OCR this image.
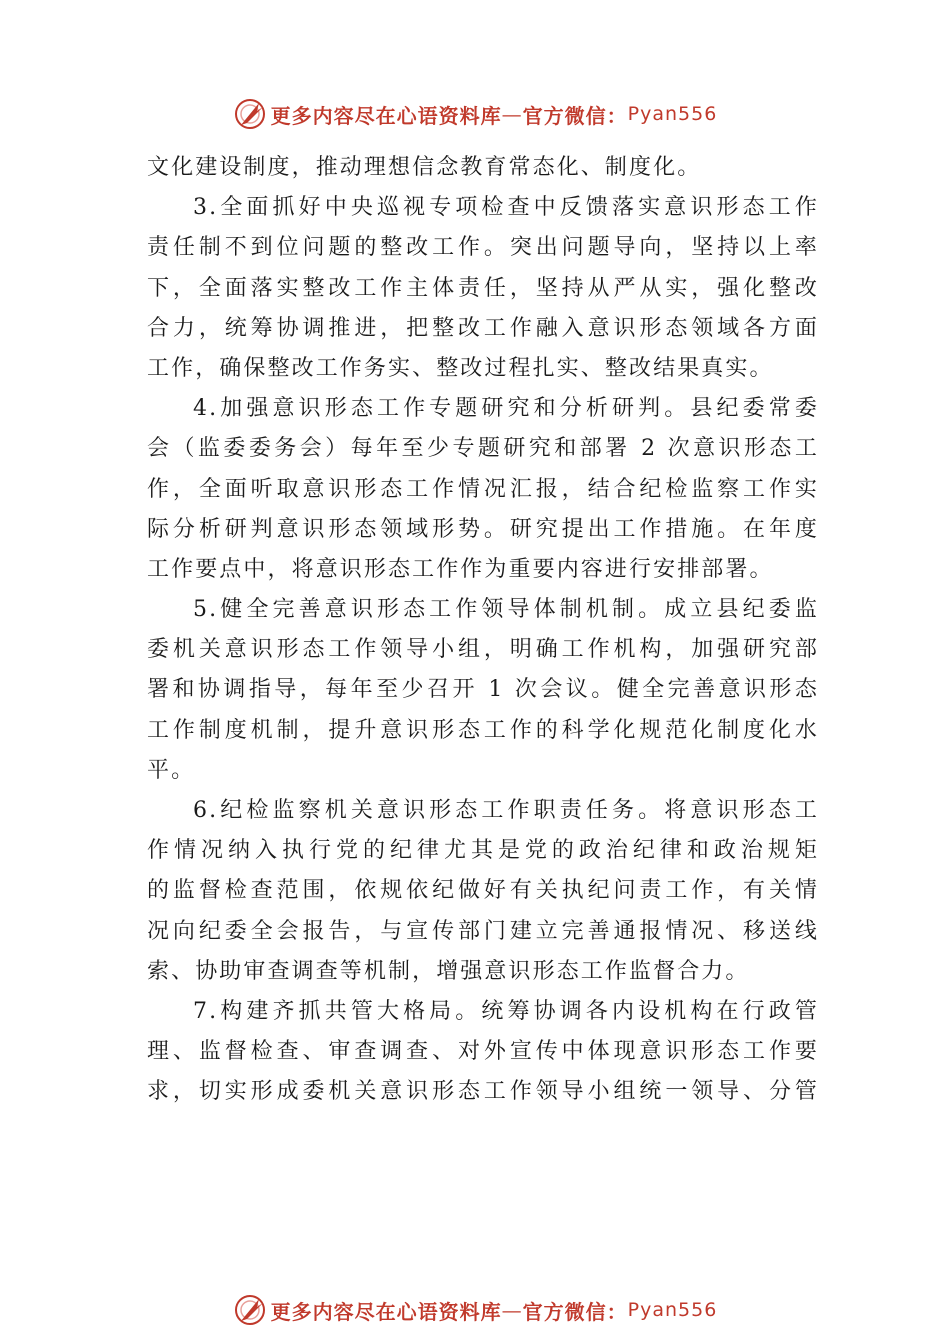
更多内容尽在心语资料库 — 官方微信： Pyan556
文化建设制度，推动理想信念教育常态化、制度化。
3.全面抓好中央巡视专项检查中反馈落实意识形态工作
责任制不到位问题的整改工作。突出问题导向，坚持以上率
下，全面落实整改工作主体责任，坚持从严从实，强化整改
合力，统筹协调推进，把整改工作融入意识形态领域各方面
工作，确保整改工作务实、整改过程扎实、整改结果真实。
4.加强意识形态工作专题研究和分析研判。县纪委常委
会（监委委务会）每年至少专题研究和部署 2 次意识形态工
作，全面听取意识形态工作情况汇报，结合纪检监察工作实
际分析研判意识形态领域形势。研究提出工作措施。在年度
工作要点中，将意识形态工作作为重要内容进行安排部署。
5.健全完善意识形态工作领导体制机制。成立县纪委监
委机关意识形态工作领导小组，明确工作机构，加强研究部
署和协调指导，每年至少召开 1 次会议。健全完善意识形态
工作制度机制，提升意识形态工作的科学化规范化制度化水
平。
6.纪检监察机关意识形态工作职责任务。将意识形态工
作情况纳入执行党的纪律尤其是党的政治纪律和政治规矩
的监督检查范围，依规依纪做好有关执纪问责工作，有关情
况向纪委全会报告，与宣传部门建立完善通报情况、移送线
索、协助审查调查等机制，增强意识形态工作监督合力。
7.构建齐抓共管大格局。统筹协调各内设机构在行政管
理、监督检查、审查调查、对外宣传中体现意识形态工作要
求，切实形成委机关意识形态工作领导小组统一领导、分管
更多内容尽在心语资料库 — 官方微信： Pyan556
